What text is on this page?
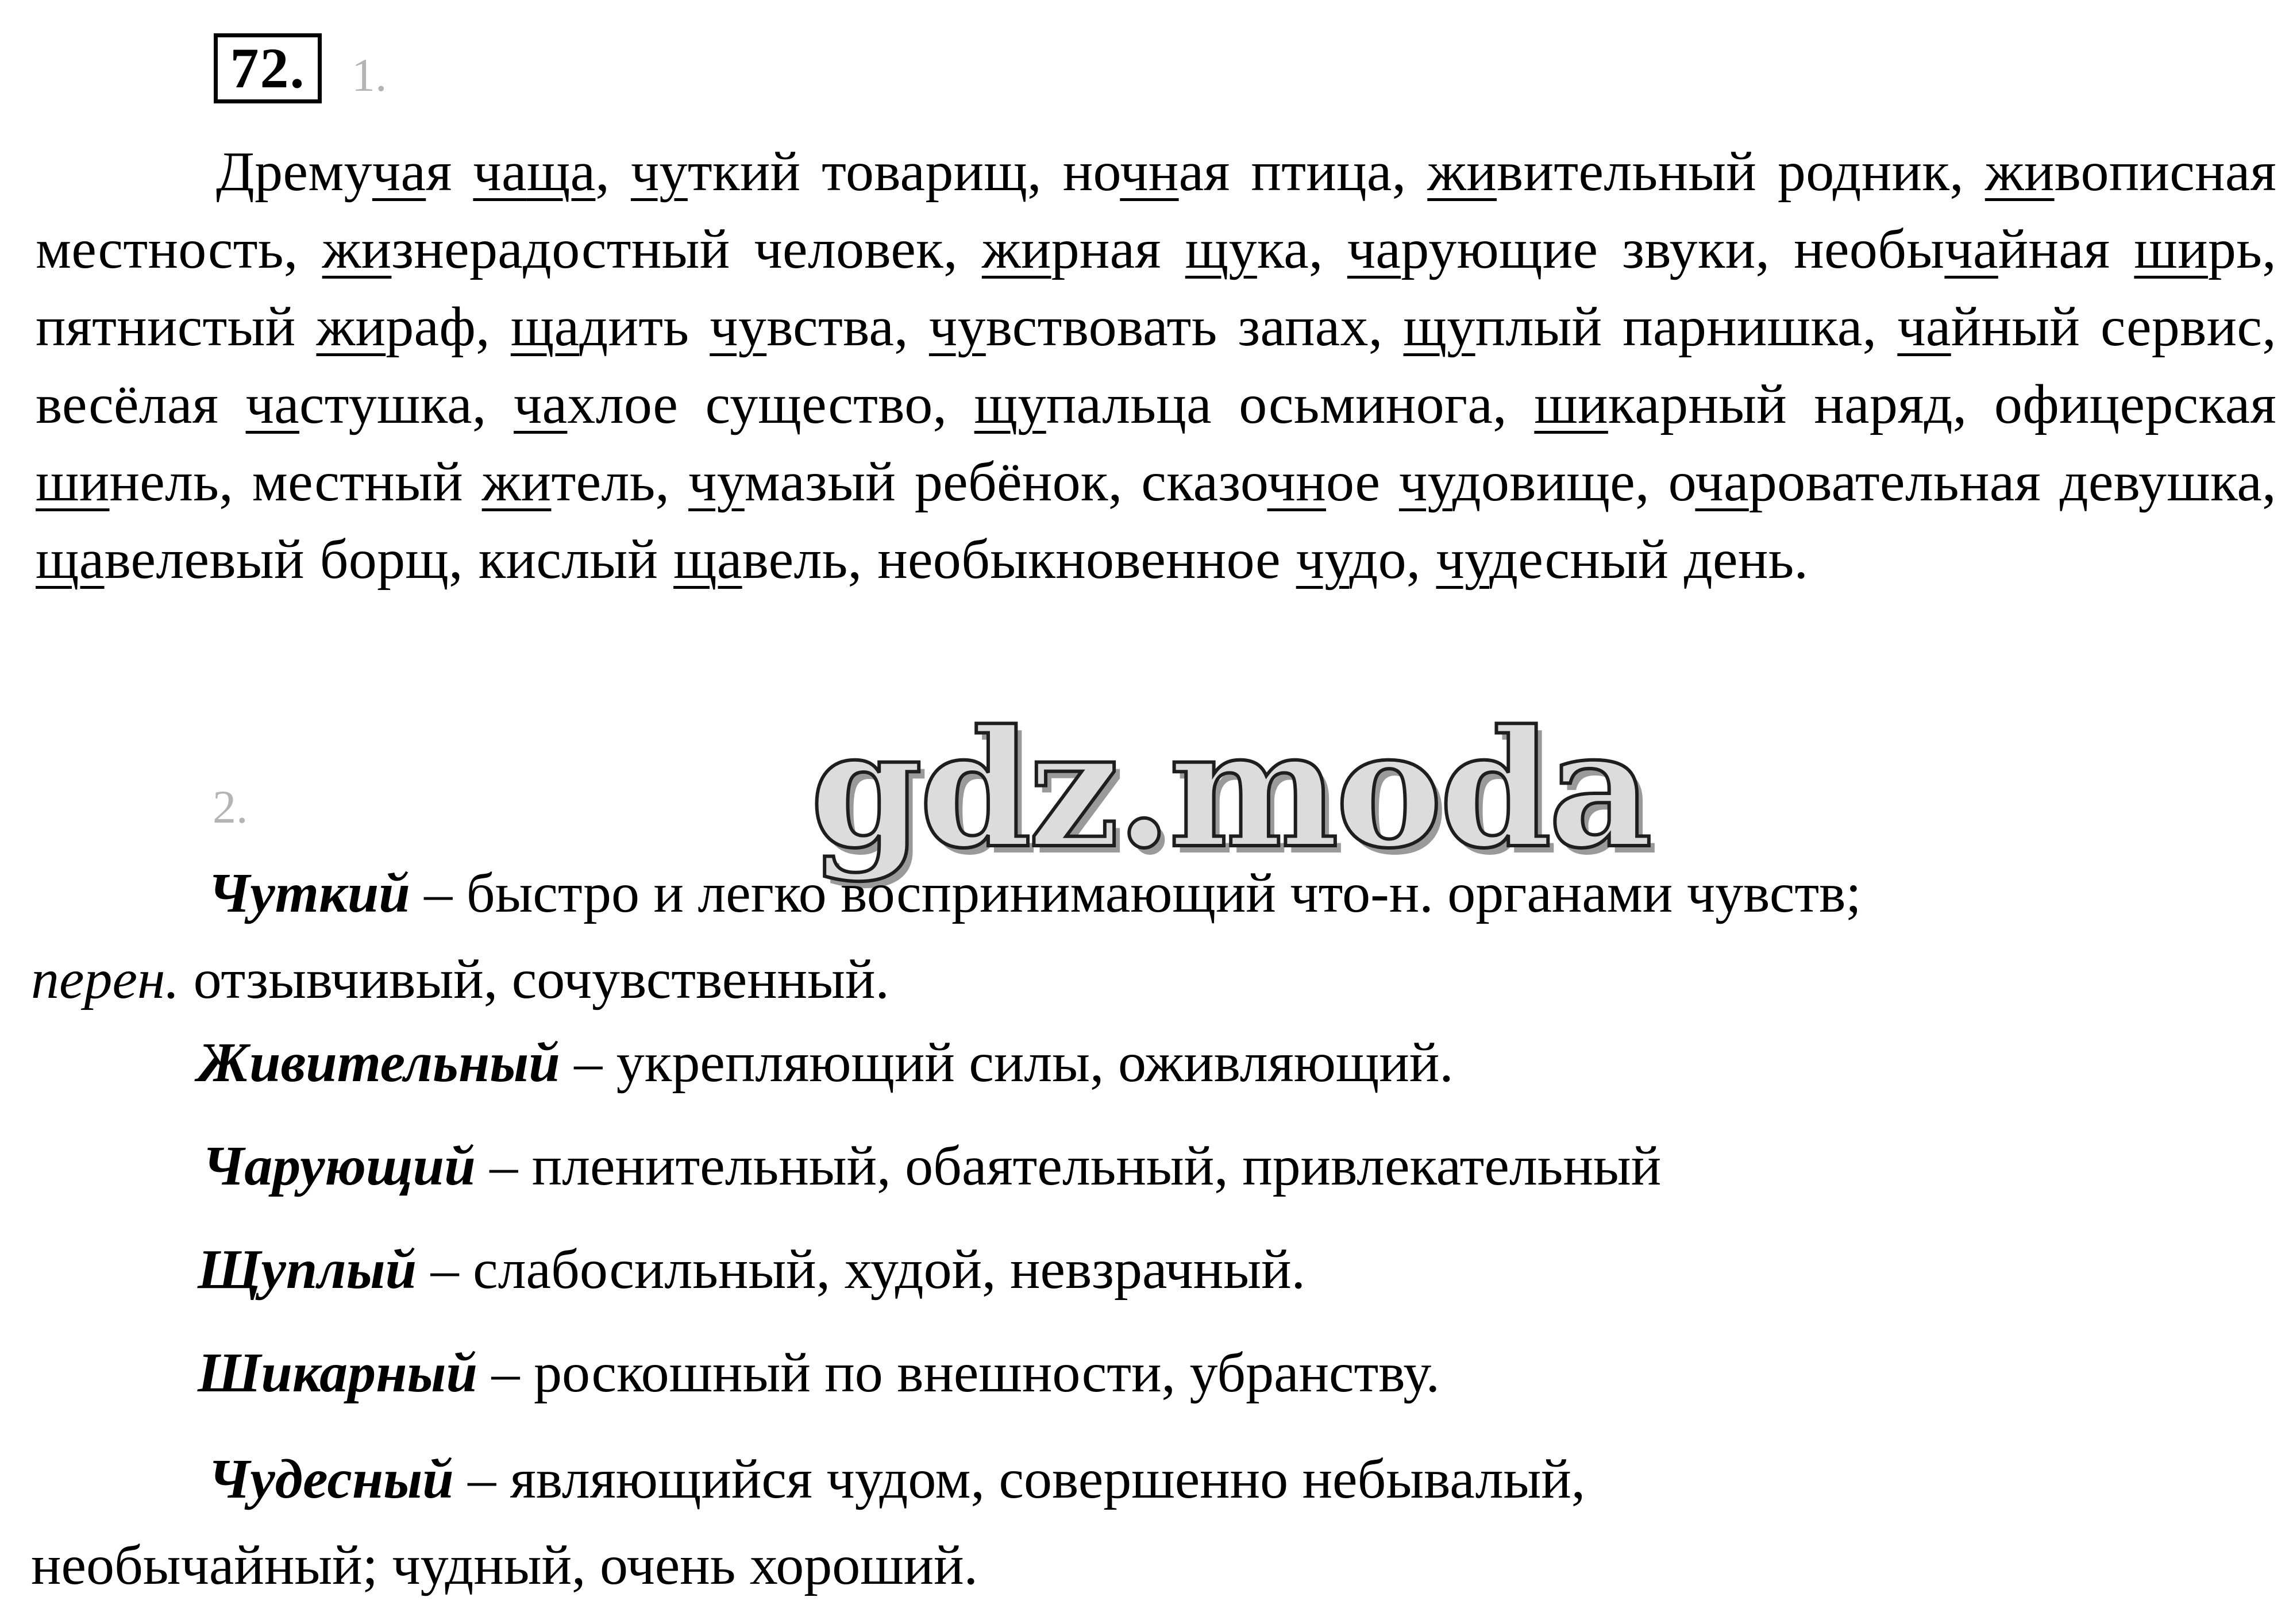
72. 1.
Дремучая чаща, чуткий товарищ, ночная птица, живительный родник, живописная местность, жизнерадостный человек, жирная щука, чарующие звуки, необычайная ширь, пятнистый жираф, щадить чувства, чувствовать запах, щуплый парнишка, чайный сервис, весёлая частушка, чахлое существо, щупальца осьминога, шикарный наряд, офицерская шинель, местный житель, чумазый ребёнок, сказочное чудовище, очаровательная девушка, щавелевый борщ, кислый щавель, необыкновенное чудо, чудесный день.
2.	gdz.moda
Чуткий – быстро и легко воспринимающий что-н. органами чувств;
перен. отзывчивый, сочувственный.
Живительный – укрепляющий силы, оживляющий.
Чарующий – пленительный, обаятельный, привлекательный
Щуплый – слабосильный, худой, невзрачный.
Шикарный – роскошный по внешности, убранству.
Чудесный – являющийся чудом, совершенно небывалый,
необычайный; чудный, очень хороший.
